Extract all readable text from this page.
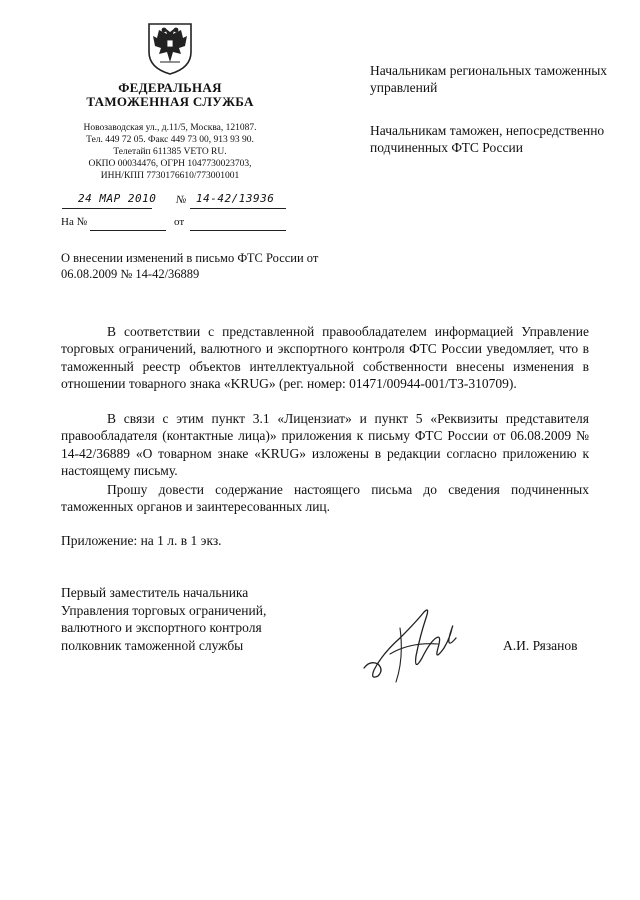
ФЕДЕРАЛЬНАЯ
ТАМОЖЕННАЯ СЛУЖБА
Новозаводская ул., д.11/5, Москва, 121087.
Тел. 449 72 05. Факс 449 73 00, 913 93 90.
Телетайп 611385 VETO RU.
ОКПО 00034476, ОГРН 1047730023703,
ИНН/КПП 7730176610/773001001
24 МАР 2010 № 14-42/13936
На №	от
О внесении изменений в письмо ФТС России от 06.08.2009 № 14-42/36889
Начальникам региональных таможенных управлений
Начальникам таможен, непосредственно подчиненных ФТС России
В соответствии с представленной правообладателем информацией Управление торговых ограничений, валютного и экспортного контроля ФТС России уведомляет, что в таможенный реестр объектов интеллектуальной собственности внесены изменения в отношении товарного знака «KRUG» (рег. номер: 01471/00944-001/ТЗ-310709).
В связи с этим пункт 3.1 «Лицензиат» и пункт 5 «Реквизиты представителя правообладателя (контактные лица)» приложения к письму ФТС России от 06.08.2009 № 14-42/36889 «О товарном знаке «KRUG» изложены в редакции согласно приложению к настоящему письму.
Прошу довести содержание настоящего письма до сведения подчиненных таможенных органов и заинтересованных лиц.
Приложение: на 1 л. в 1 экз.
Первый заместитель начальника
Управления торговых ограничений,
валютного и экспортного контроля
полковник таможенной службы	А.И. Рязанов
